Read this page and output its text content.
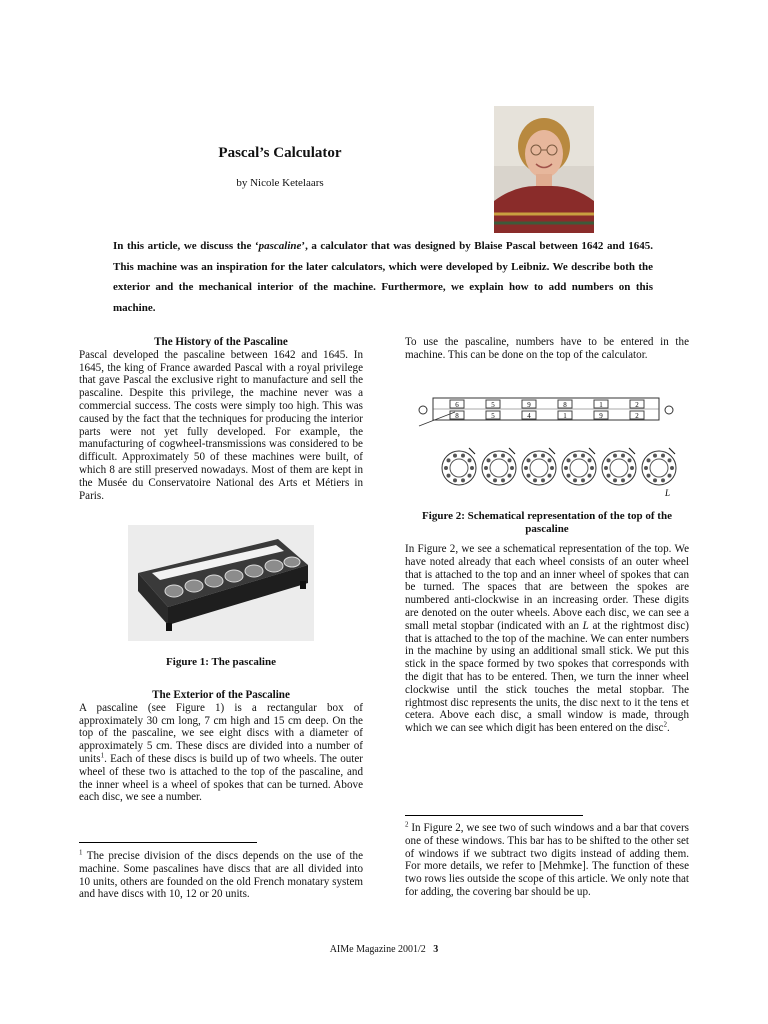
Pascal’s Calculator
by Nicole Ketelaars
In this article, we discuss the ‘pascaline’, a calculator that was designed by Blaise Pascal between 1642 and 1645. This machine was an inspiration for the later calculators, which were developed by Leibniz. We describe both the exterior and the mechanical interior of the machine. Furthermore, we explain how to add numbers on this machine.
The History of the Pascaline
Pascal developed the pascaline between 1642 and 1645. In 1645, the king of France awarded Pascal with a royal privilege that gave Pascal the exclusive right to manufacture and sell the pascaline. Despite this privilege, the machine never was a commercial success. The costs were simply too high. This was caused by the fact that the techniques for producing the interior parts were not yet fully developed. For example, the manufacturing of cogwheel-transmissions was considered to be difficult. Approximately 50 of these machines were built, of which 8 are still preserved nowadays. Most of them are kept in the Musée du Conservatoire National des Arts et Métiers in Paris.
Figure 1: The pascaline
The Exterior of the Pascaline
A pascaline (see Figure 1) is a rectangular box of approximately 30 cm long, 7 cm high and 15 cm deep. On the top of the pascaline, we see eight discs with a diameter of approximately 5 cm. These discs are divided into a number of units$^1$. Each of these discs is build up of two wheels. The outer wheel of these two is attached to the top of the pascaline, and the inner wheel is a wheel of spokes that can be turned. Above each disc, we see a number.
$^1$ The precise division of the discs depends on the use of the machine. Some pascalines have discs that are all divided into 10 units, others are founded on the old French monatary system and have discs with 10, 12 or 20 units.
To use the pascaline, numbers have to be entered in the machine. This can be done on the top of the calculator.
6
8
5
5
9
4
8
1
1
9
2
2
L
Figure 2: Schematical representation of the top of the pascaline
In Figure 2, we see a schematical representation of the top. We have noted already that each wheel consists of an outer wheel that is attached to the top and an inner wheel of spokes that can be turned. The spaces that are between the spokes are numbered anti-clockwise in an increasing order. These digits are denoted on the outer wheels. Above each disc, we can see a small metal stopbar (indicated with an L at the rightmost disc) that is attached to the top of the machine. We can enter numbers in the machine by using an additional small stick. We put this stick in the space formed by two spokes that corresponds with the digit that has to be entered. Then, we turn the inner wheel clockwise until the stick touches the metal stopbar. The rightmost disc represents the units, the disc next to it the tens et cetera. Above each disc, a small window is made, through which we can see which digit has been entered on the disc$^2$.
$^2$ In Figure 2, we see two of such windows and a bar that covers one of these windows. This bar has to be shifted to the other set of windows if we subtract two digits instead of adding them. For more details, we refer to [Mehmke]. The function of these two rows lies outside the scope of this article. We only note that for adding, the covering bar should be up.
AIMe Magazine 2001/2 3
